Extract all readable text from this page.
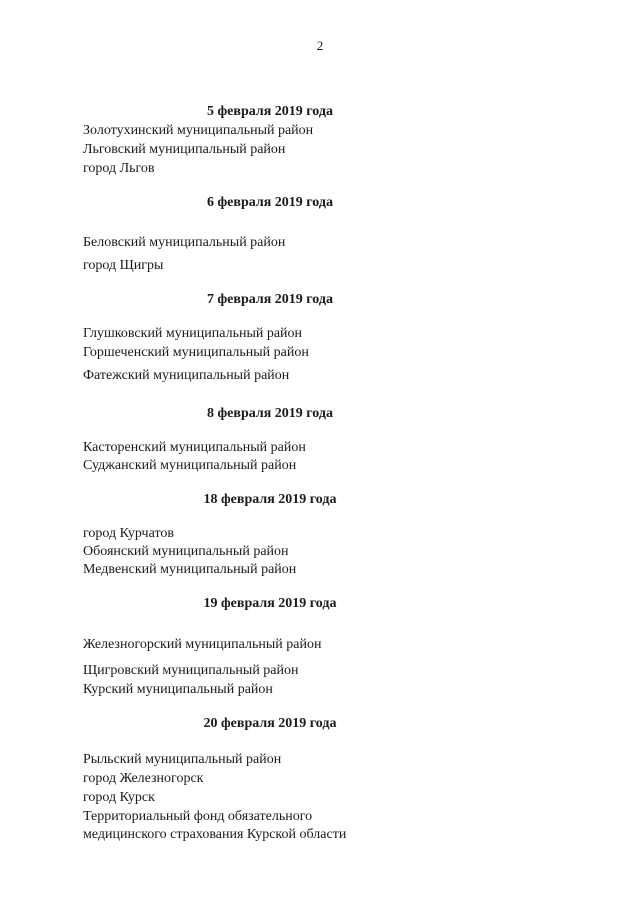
2
5 февраля 2019 года
Золотухинский муниципальный район
Льговский муниципальный район
город Льгов
6 февраля 2019 года
Беловский муниципальный район
город Щигры
7 февраля 2019 года
Глушковский муниципальный район
Горшеченский муниципальный район
Фатежский муниципальный район
8 февраля 2019 года
Касторенский муниципальный район
Суджанский муниципальный район
18 февраля 2019 года
город Курчатов
Обоянский муниципальный район
Медвенский муниципальный район
19 февраля 2019 года
Железногорский муниципальный район
Щигровский муниципальный район
Курский муниципальный район
20 февраля 2019 года
Рыльский муниципальный район
город Железногорск
город Курск
Территориальный фонд обязательного
медицинского страхования Курской области
